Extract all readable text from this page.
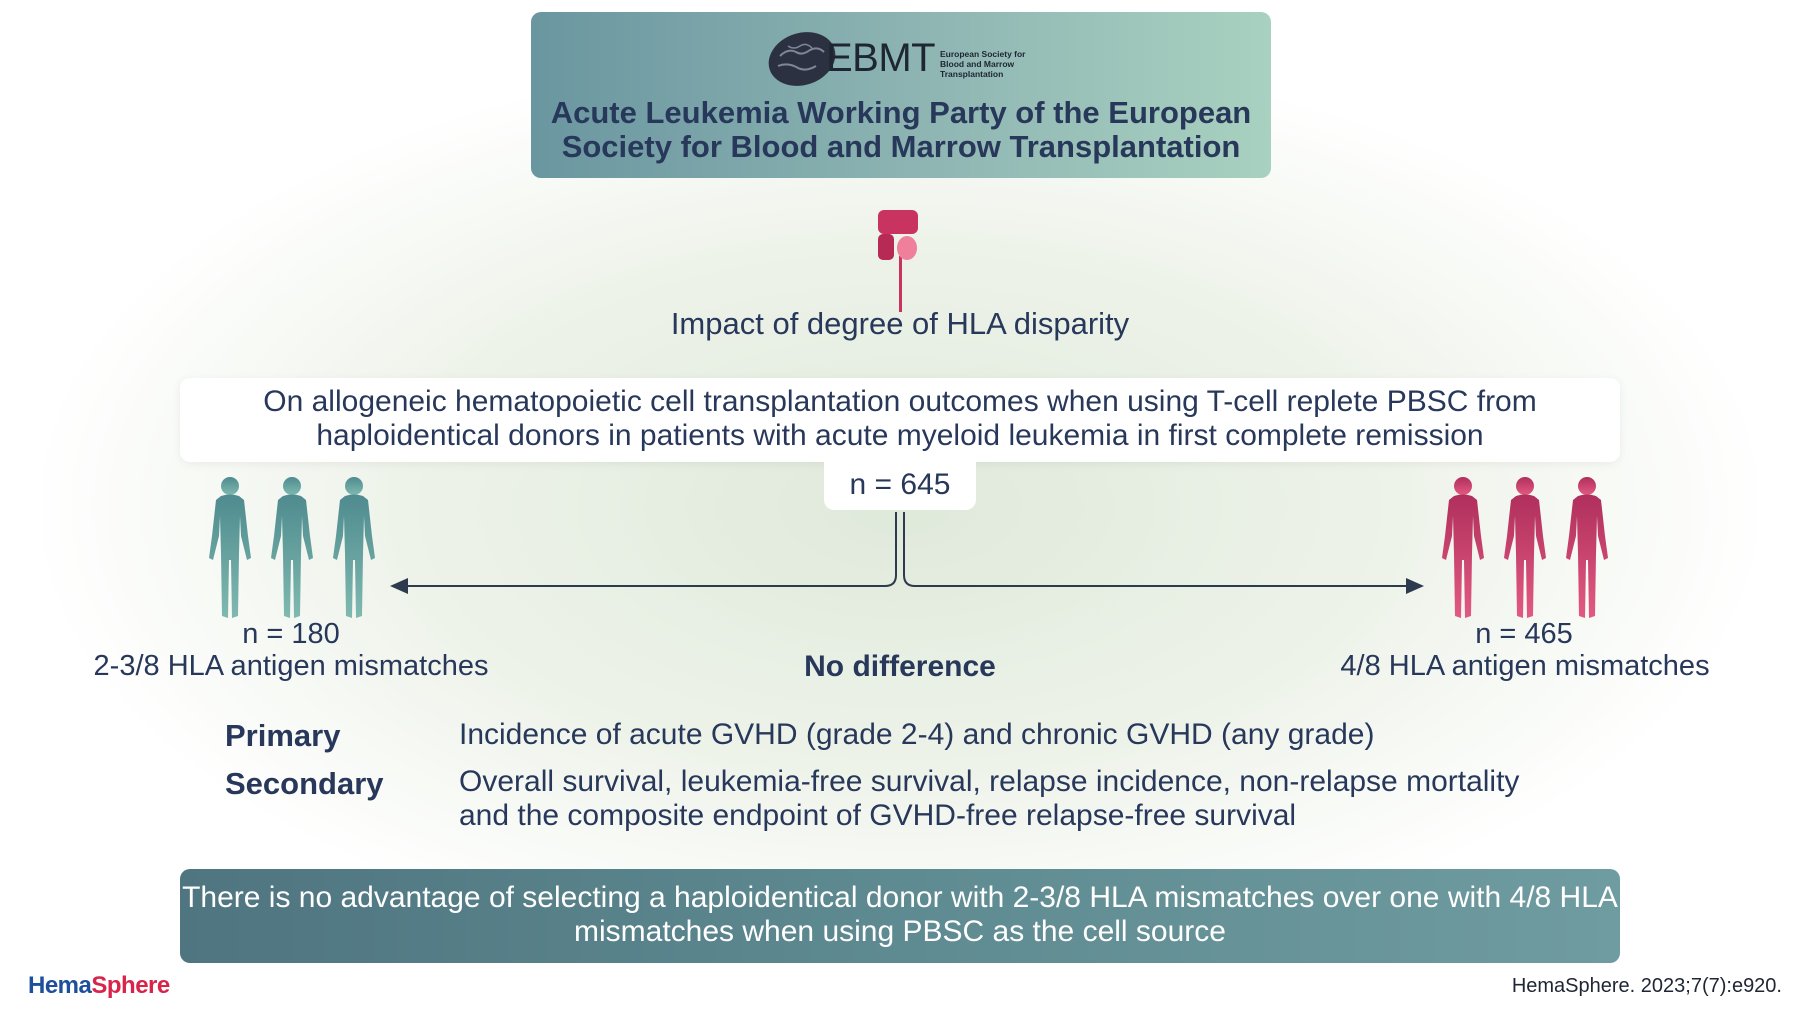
EBMT European Society for Blood and Marrow Transplantation
Acute Leukemia Working Party of the European Society for Blood and Marrow Transplantation
Impact of degree of HLA disparity
On allogeneic hematopoietic cell transplantation outcomes when using T-cell replete PBSC from haploidentical donors in patients with acute myeloid leukemia in first complete remission
n = 645
n = 180
2-3/8 HLA antigen mismatches
n = 465
4/8 HLA antigen mismatches
No difference
Primary	Incidence of acute GVHD (grade 2-4) and chronic GVHD (any grade)
Secondary	Overall survival, leukemia-free survival, relapse incidence, non-relapse mortality and the composite endpoint of GVHD-free relapse-free survival
There is no advantage of selecting a haploidentical donor with 2-3/8 HLA mismatches over one with 4/8 HLA mismatches when using PBSC as the cell source
HemaSphere	HemaSphere. 2023;7(7):e920.
